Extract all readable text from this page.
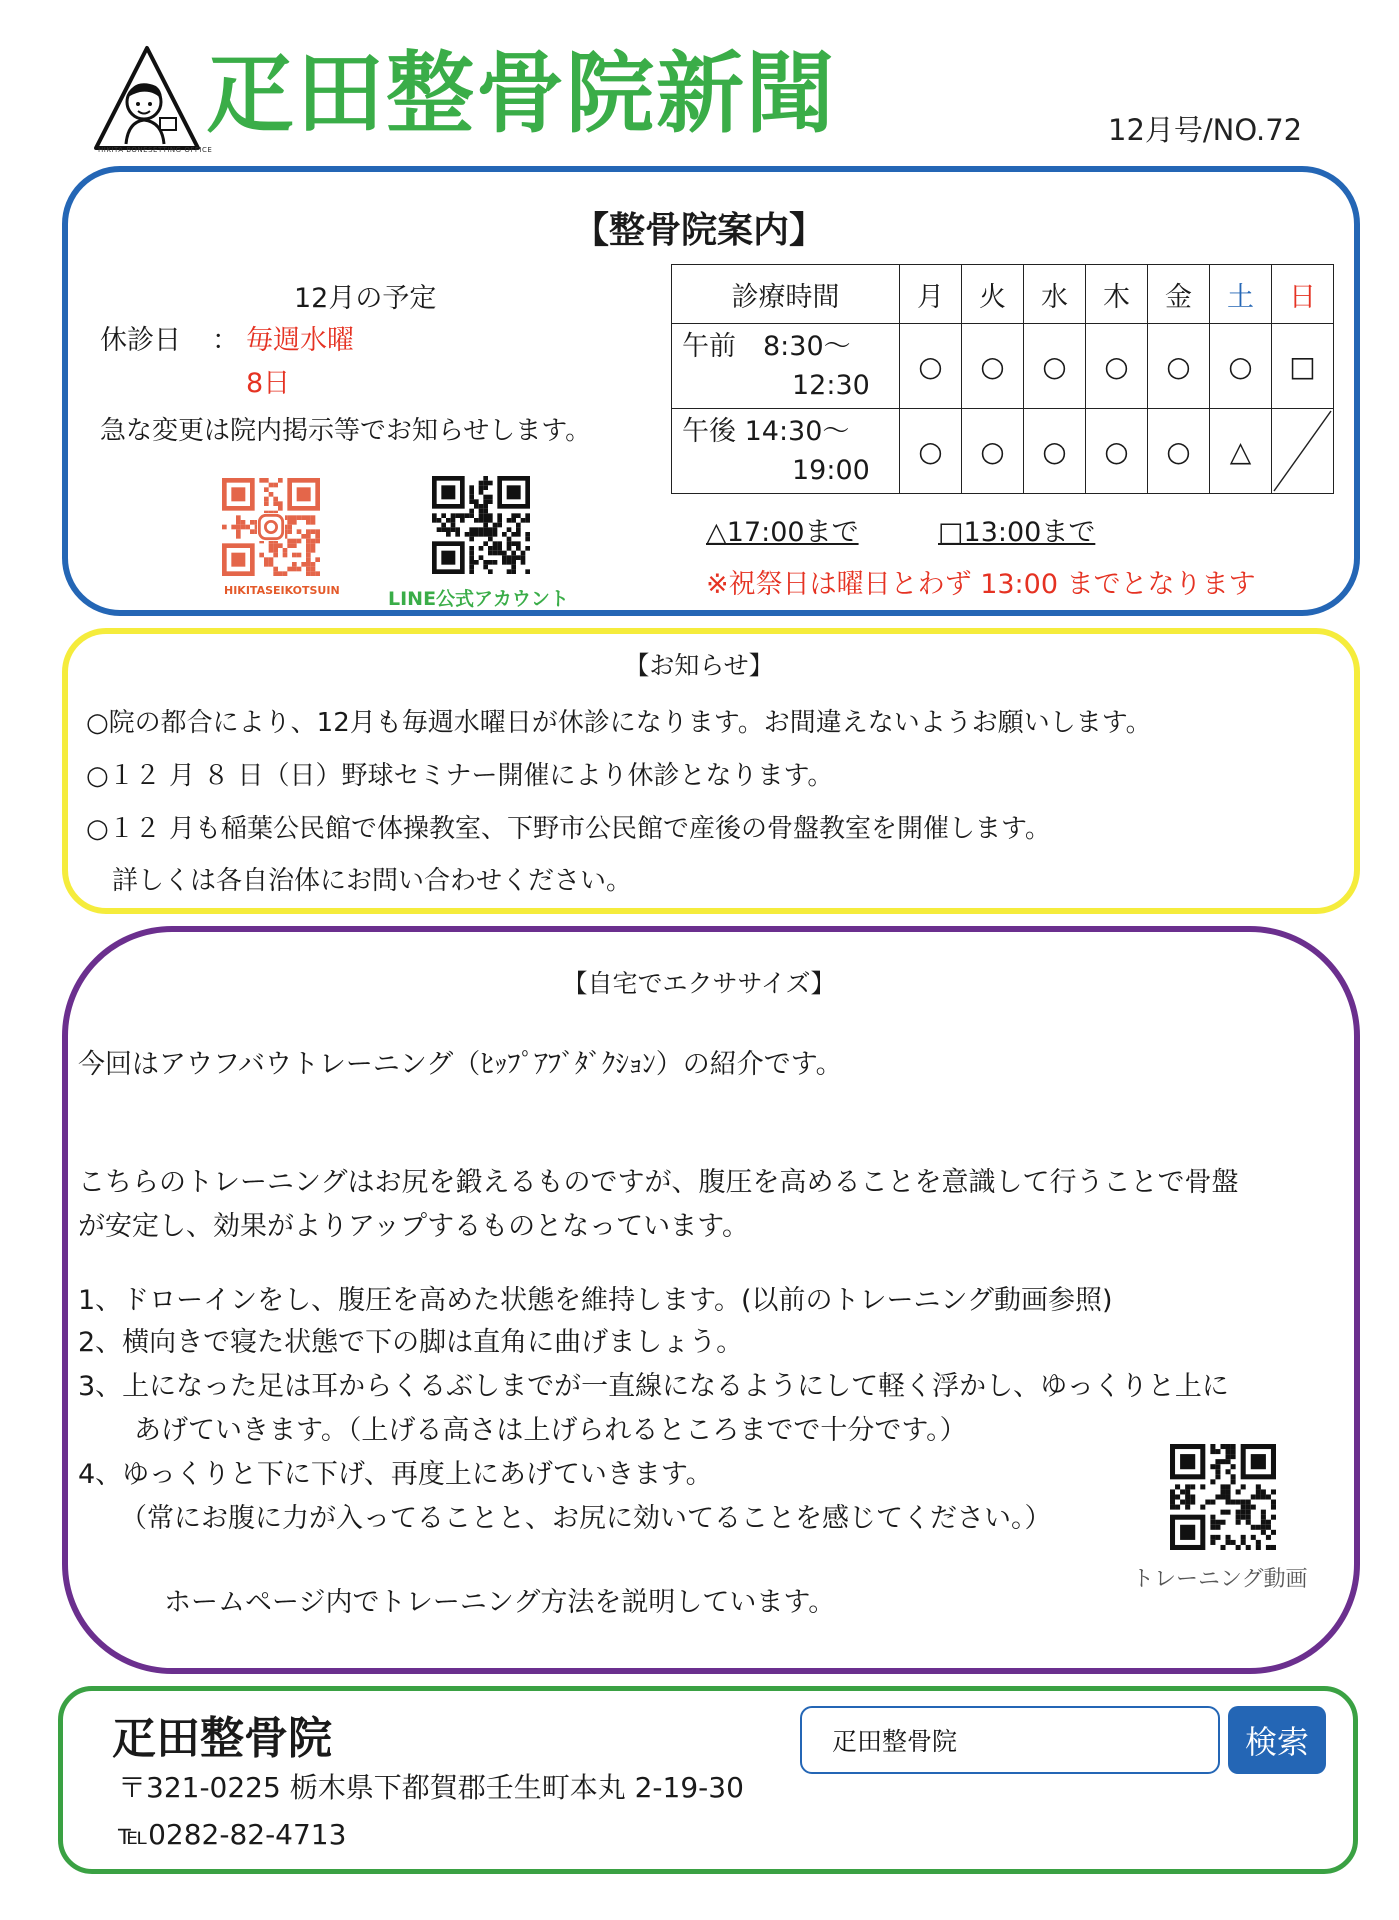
HIKITA BONESETTING OFFICE
疋田整骨院新聞	12月号/NO.72
【整骨院案内】
12月の予定
休診日 ： 毎週水曜
8日
急な変更は院内掲示等でお知らせします。
HIKITASEIKOTSUIN	LINE公式アカウント
診療時間	月	火	水	木	金	土	日
午前　8:30〜
12:30	○	○	○	○	○	○	□
午後 14:30〜
19:00	○	○	○	○	○	△	
△17:00まで	□13:00まで
※祝祭日は曜日とわず 13:00 までとなります
【お知らせ】
○院の都合により、12月も毎週水曜日が休診になります。お間違えないようお願いします。
○１２ 月 ８ 日（日）野球セミナー開催により休診となります。
○１２ 月も稲葉公民館で体操教室、下野市公民館で産後の骨盤教室を開催します。
詳しくは各自治体にお問い合わせください。
【自宅でエクササイズ】
今回はアウフバウトレーニング（ﾋｯﾌﾟｱﾌﾞﾀﾞｸｼｮﾝ）の紹介です。
こちらのトレーニングはお尻を鍛えるものですが、腹圧を高めることを意識して行うことで骨盤
が安定し、効果がよりアップするものとなっています。
1、ドローインをし、腹圧を高めた状態を維持します。(以前のトレーニング動画参照)
2、横向きで寝た状態で下の脚は直角に曲げましょう。
3、上になった足は耳からくるぶしまでが一直線になるようにして軽く浮かし、ゆっくりと上に
あげていきます。（上げる高さは上げられるところまでで十分です。）
4、ゆっくりと下に下げ、再度上にあげていきます。
（常にお腹に力が入ってることと、お尻に効いてることを感じてください。）
ホームページ内でトレーニング方法を説明しています。
トレーニング動画
疋田整骨院
〒321-0225 栃木県下都賀郡壬生町本丸 2-19-30
℡0282-82-4713
疋田整骨院
検索
